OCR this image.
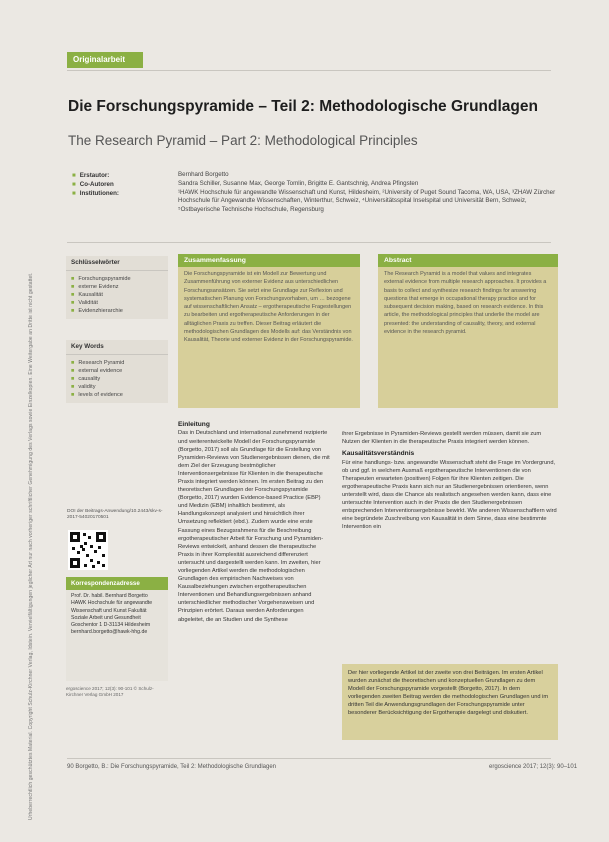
Urheberrechtlich geschütztes Material. Copyright Schulz-Kirchner Verlag, Idstein. Vervielfältigungen jeglicher Art nur nach vorheriger schriftlicher Genehmigung des Verlags sowie Einzelkopien. Eine Weitergabe an Dritte ist nicht gestattet.
Originalarbeit
Die Forschungspyramide – Teil 2: Methodologische Grundlagen
The Research Pyramid – Part 2: Methodological Principles
■ Erstautor:
■ Co-Autoren
■ Institutionen:
Bernhard Borgetto
Sandra Schiller, Susanne Max, George Tomlin, Brigitte E. Gantschnig, Andrea Pfingsten
¹HAWK Hochschule für angewandte Wissenschaft und Kunst, Hildesheim, ²University of Puget Sound Tacoma, WA, USA, ³ZHAW Zürcher Hochschule für Angewandte Wissenschaften, Winterthur, Schweiz, ⁴Universitätsspital Inselspital und Universität Bern, Schweiz, ⁵Ostbayerische Technische Hochschule, Regensburg
Schlüsselwörter
■ Forschungspyramide
■ externe Evidenz
■ Kausalität
■ Validität
■ Evidenzhierarchie
Key Words
■ Research Pyramid
■ external evidence
■ causality
■ validity
■ levels of evidence
Zusammenfassung
Die Forschungspyramide ist ein Modell zur Bewertung und Zusammenführung von externer Evidenz aus unterschiedlichen Forschungsansätzen. Sie setzt eine Grundlage zur Reflexion und systematischen Planung von Forschungsvorhaben, um … bezogene auf wissenschaftlichen Ansatz – ergotherapeutische Fragestellungen zu bearbeiten und ergotherapeutische Anforderungen in der alltäglichen Praxis zu treffen. Dieser Beitrag erläutert die methodologischen Grundlagen des Modells auf: das Verständnis von Kausalität, Theorie und externer Evidenz in der Forschungspyramide.
Abstract
The Research Pyramid is a model that values and integrates external evidence from multiple research approaches. It provides a basis to collect and synthesize research findings for answering questions that emerge in occupational therapy practice and for subsequent decision making, based on research evidence. In this article, the methodological principles that underlie the model are presented: the understanding of causality, theory, and external evidence in the research pyramid.
DOI der Beitrags-Anwendung/10.2443/skv-s-2017-54020170501
Korrespondenzadresse
Prof. Dr. habil. Bernhard Borgetto HAWK Hochschule für angewandte Wissenschaft und Kunst Fakultät Soziale Arbeit und Gesundheit Goschentor 1 D-31134 Hildesheim bernhard.borgetto@hawk-hhg.de
ergoscience 2017; 12(3): 90-101 © Schulz-Kirchner Verlag GmbH 2017
Einleitung

Das in Deutschland und international zunehmend rezipierte und weiterentwickelte Modell der Forschungspyramide (Borgetto, 2017) soll als Grundlage für die Erstellung von Pyramiden-Reviews von Studienergebnissen dienen, die mit dem Ziel der Erzeugung bestmöglicher Interventionsergebnisse für Klienten in die therapeutische Praxis integriert werden können. Im ersten Beitrag zu den theoretischen Grundlagen der Forschungspyramide (Borgetto, 2017) wurden Evidence-based Practice (EBP) und Medizin (EBM) inhaltlich bestimmt, als Handlungskonzept analysiert und hinsichtlich ihrer Umsetzung reflektiert (ebd.). Zudem wurde eine erste Fassung eines Bezugsrahmens für die Beschreibung ergotherapeutischer Arbeit für Forschung und Pyramiden-Reviews entwickelt, anhand dessen die therapeutische Praxis in ihrer Komplexität ausreichend differenziert untersucht und dargestellt werden kann. Im zweiten, hier vorliegenden Artikel werden die methodologischen Grundlagen des empirischen Nachweises von Kausalbeziehungen zwischen ergotherapeutischen Interventionen und Behandlungsergebnissen anhand unterschiedlicher methodischer Vorgehensweisen und Prinzipien erörtert. Daraus werden Anforderungen abgeleitet, die an Studien und die Synthese

ihrer Ergebnisse in Pyramiden-Reviews gestellt werden müssen, damit sie zum Nutzen der Klienten in die therapeutische Praxis integriert werden können.

Kausalitätsverständnis

Für eine handlungs- bzw. angewandte Wissenschaft steht die Frage im Vordergrund, ob und ggf. in welchem Ausmaß ergotherapeutische Interventionen die von Therapeuten erwarteten (positiven) Folgen für ihre Klienten zeitigen. Die ergotherapeutische Praxis kann sich nur an Studienergebnissen orientieren, wenn unterstellt wird, dass die Chance als realistisch angesehen werden kann, dass eine untersuchte Intervention auch in der Praxis die den Studienergebnissen entsprechenden Interventionsergebnisse bewirkt. Wie anderen Wissenschaftlern wird eine begründete Zuschreibung von Kausalität in dem Sinne, dass eine bestimmte Intervention ein

Der hier vorliegende Artikel ist der zweite von drei Beiträgen. Im ersten Artikel wurden zunächst die theoretischen und konzeptuellen Grundlagen zu dem Modell der Forschungspyramide vorgestellt (Borgetto, 2017). In dem vorliegenden zweiten Beitrag werden die methodologischen Grundlagen und im dritten Teil die Anwendungsgrundlagen der Forschungspyramide unter besonderer Berücksichtigung der Ergotherapie dargelegt und diskutiert.
90 Borgetto, B.: Die Forschungspyramide, Teil 2: Methodologische Grundlagen	ergoscience 2017; 12(3): 90–101
